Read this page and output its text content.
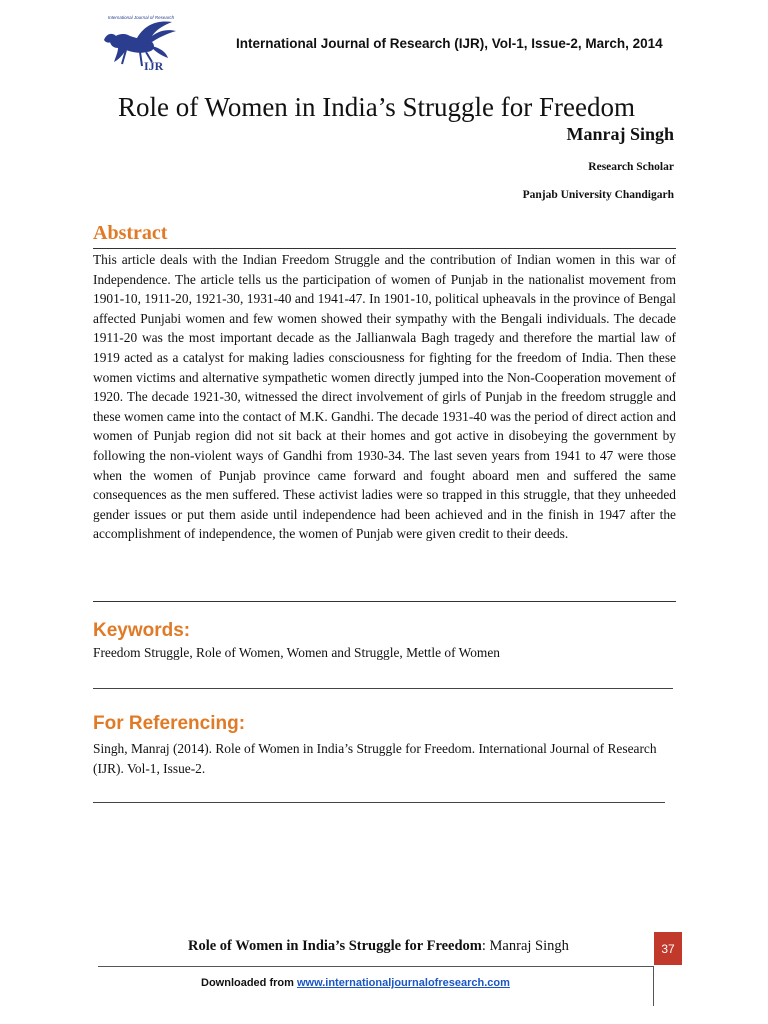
International Journal of Research
IJR
International Journal of Research (IJR), Vol-1, Issue-2, March, 2014
Role of Women in India’s Struggle for Freedom
Manraj Singh
Research Scholar
Panjab University Chandigarh
Abstract
This article deals with the Indian Freedom Struggle and the contribution of Indian women in this war of Independence. The article tells us the participation of women of Punjab in the nationalist movement from 1901-10, 1911-20, 1921-30, 1931-40 and 1941-47. In 1901-10, political upheavals in the province of Bengal affected Punjabi women and few women showed their sympathy with the Bengali individuals. The decade 1911-20 was the most important decade as the Jallianwala Bagh tragedy and therefore the martial law of 1919 acted as a catalyst for making ladies consciousness for fighting for the freedom of India. Then these women victims and alternative sympathetic women directly jumped into the Non-Cooperation movement of 1920. The decade 1921-30, witnessed the direct involvement of girls of Punjab in the freedom struggle and these women came into the contact of M.K. Gandhi. The decade 1931-40 was the period of direct action and women of Punjab region did not sit back at their homes and got active in disobeying the government by following the non-violent ways of Gandhi from 1930-34. The last seven years from 1941 to 47 were those when the women of Punjab province came forward and fought aboard men and suffered the same consequences as the men suffered. These activist ladies were so trapped in this struggle, that they unheeded gender issues or put them aside until independence had been achieved and in the finish in 1947 after the accomplishment of independence, the women of Punjab were given credit to their deeds.
Keywords:
Freedom Struggle, Role of Women, Women and Struggle, Mettle of Women
For Referencing:
Singh, Manraj (2014). Role of Women in India’s Struggle for Freedom. International Journal of Research (IJR). Vol-1, Issue-2.
Role of Women in India’s Struggle for Freedom: Manraj Singh	37
Downloaded from www.internationaljournalofresearch.com
